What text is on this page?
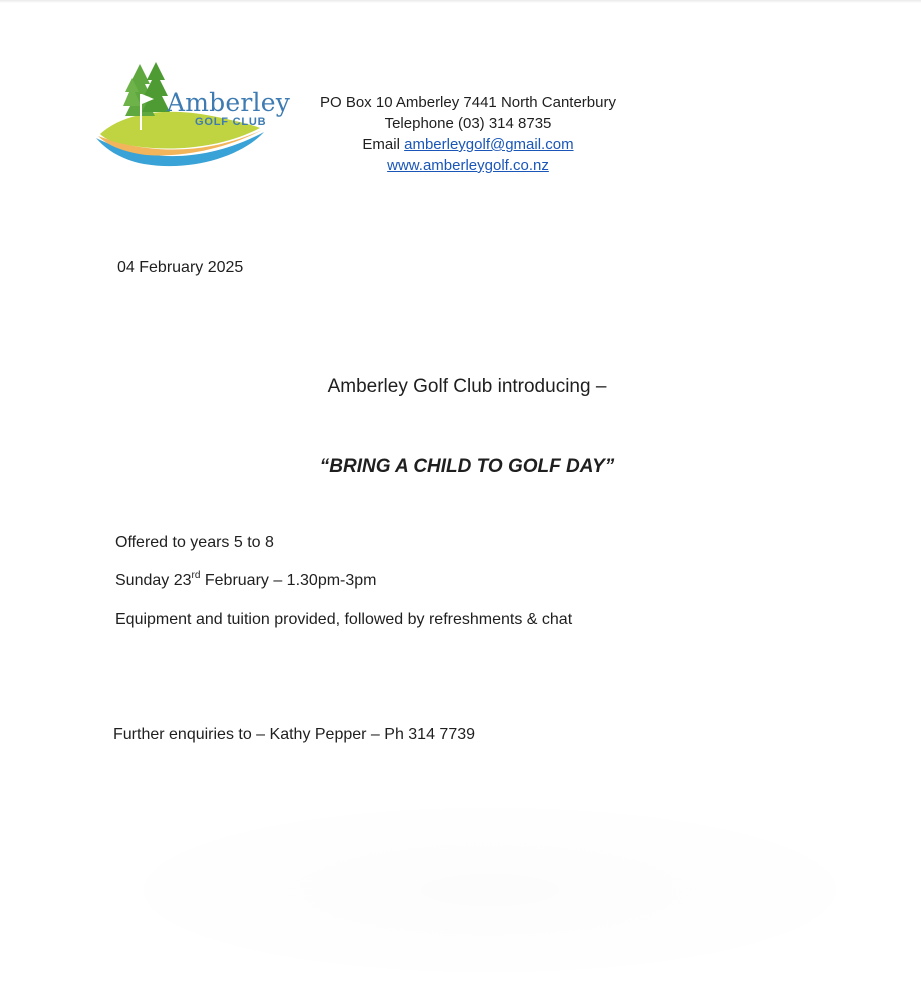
Amberley
GOLF CLUB
PO Box 10 Amberley 7441 North Canterbury
Telephone (03) 314 8735
Email amberleygolf@gmail.com
www.amberleygolf.co.nz
04 February 2025
Amberley Golf Club introducing –
“BRING A CHILD TO GOLF DAY”
Offered to years 5 to 8
Sunday 23rd February – 1.30pm-3pm
Equipment and tuition provided, followed by refreshments & chat
Further enquiries to – Kathy Pepper – Ph 314 7739
